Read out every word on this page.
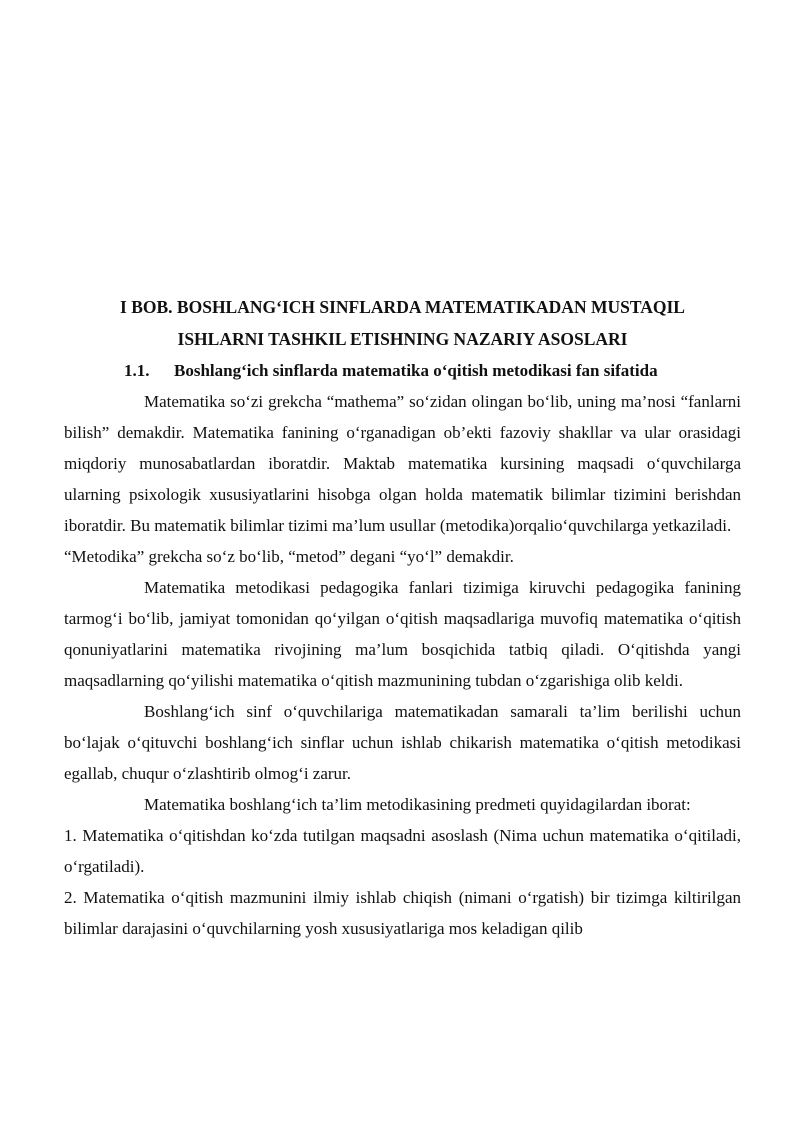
I BOB. BOSHLANG‘ICH SINFLARDA MATEMATIKADAN MUSTAQIL

ISHLARNI TASHKIL ETISHNING NAZARIY ASOSLARI

1.1. Boshlang‘ich sinflarda matematika o‘qitish metodikasi fan sifatida

Matematika so‘zi grekcha “mathema” so‘zidan olingan bo‘lib, uning ma’nosi “fanlarni bilish” demakdir. Matematika fanining o‘rganadigan ob’ekti fazoviy shakllar va ular orasidagi miqdoriy munosabatlardan iboratdir. Maktab matematika kursining maqsadi o‘quvchilarga ularning psixologik xususiyatlarini hisobga olgan holda matematik bilimlar tizimini berishdan iboratdir. Bu matematik bilimlar tizimi ma’lum usullar (metodika)orqalio‘quvchilarga yetkaziladi.

“Metodika” grekcha so‘z bo‘lib, “metod” degani “yo‘l” demakdir.

Matematika metodikasi pedagogika fanlari tizimiga kiruvchi pedagogika fanining tarmog‘i bo‘lib, jamiyat tomonidan qo‘yilgan o‘qitish maqsadlariga muvofiq matematika o‘qitish qonuniyatlarini matematika rivojining ma’lum bosqichida tatbiq qiladi. O‘qitishda yangi maqsadlarning qo‘yilishi matematika o‘qitish mazmunining tubdan o‘zgarishiga olib keldi.

Boshlang‘ich sinf o‘quvchilariga matematikadan samarali ta’lim berilishi uchun bo‘lajak o‘qituvchi boshlang‘ich sinflar uchun ishlab chikarish matematika o‘qitish metodikasi egallab, chuqur o‘zlashtirib olmog‘i zarur.

Matematika boshlang‘ich ta’lim metodikasining predmeti quyidagilardan iborat:

1. Matematika o‘qitishdan ko‘zda tutilgan maqsadni asoslash (Nima uchun matematika o‘qitiladi, o‘rgatiladi).

2. Matematika o‘qitish mazmunini ilmiy ishlab chiqish (nimani o‘rgatish) bir tizimga kiltirilgan bilimlar darajasini o‘quvchilarning yosh xususiyatlariga mos keladigan qilib
